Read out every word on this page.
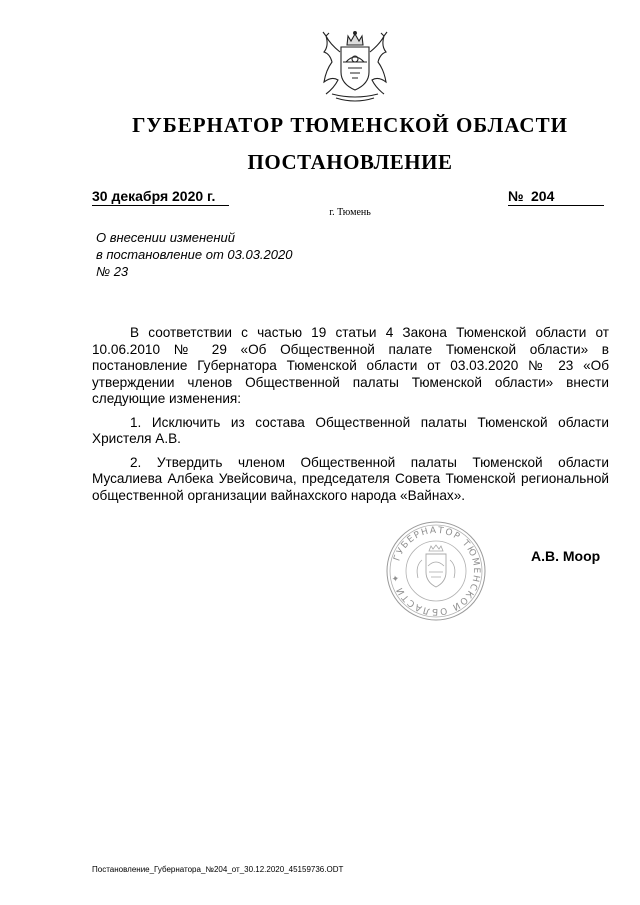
ГУБЕРНАТОР ТЮМЕНСКОЙ ОБЛАСТИ
ПОСТАНОВЛЕНИЕ
30 декабря 2020 г.	№ 204
г. Тюмень
О внесении изменений
в постановление от 03.03.2020
№ 23

В соответствии с частью 19 статьи 4 Закона Тюменской области от 10.06.2010 № 29 «Об Общественной палате Тюменской области» в постановление Губернатора Тюменской области от 03.03.2020 № 23 «Об утверждении членов Общественной палаты Тюменской области» внести следующие изменения:

1. Исключить из состава Общественной палаты Тюменской области Христеля А.В.

2. Утвердить членом Общественной палаты Тюменской области Мусалиева Албека Увейсовича, председателя Совета Тюменской региональной общественной организации вайнахского народа «Вайнах».

ГУБЕРНАТОР ТЮМЕНСКОЙ ОБЛАСТИ ✦
А.В. Моор
Постановление_Губернатора_№204_от_30.12.2020_45159736.ODT
